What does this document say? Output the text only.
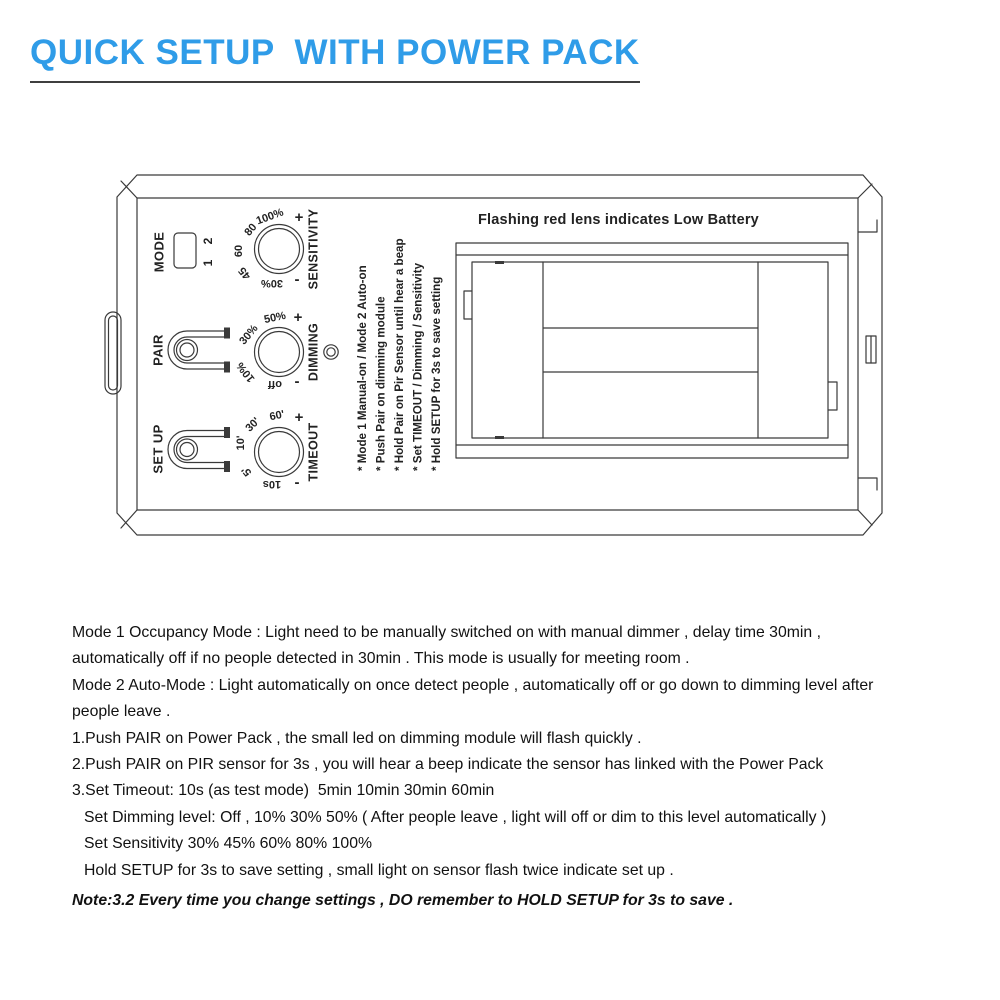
QUICK SETUP  WITH POWER PACK
MODE	2
1
100%
80
60
45
30%
+
- SENSITIVITY
50%
30%
10% off
+
-
DIMMING
60'
30'
10'
5'
10s
+
-
TIMEOUT
PAIR
SET UP	* Mode 1 Manual-on / Mode 2 Auto-on * Push Pair on dimming module * Hold Pair on Pir Sensor until hear a beap * Set TIMEOUT / Dimming / Sensitivity * Hold SETUP for 3s to save setting
Flashing red lens indicates Low Battery
Mode 1 Occupancy Mode : Light need to be manually switched on with manual dimmer , delay time 30min ,
automatically off if no people detected in 30min . This mode is usually for meeting room .
Mode 2 Auto-Mode : Light automatically on once detect people , automatically off or go down to dimming level after
people leave .
1.Push PAIR on Power Pack , the small led on dimming module will flash quickly .
2.Push PAIR on PIR sensor for 3s , you will hear a beep indicate the sensor has linked with the Power Pack
3.Set Timeout: 10s (as test mode)  5min 10min 30min 60min
Set Dimming level: Off , 10% 30% 50% ( After people leave , light will off or dim to this level automatically )
Set Sensitivity 30% 45% 60% 80% 100%
Hold SETUP for 3s to save setting , small light on sensor flash twice indicate set up .
Note:3.2 Every time you change settings , DO remember to HOLD SETUP for 3s to save .
